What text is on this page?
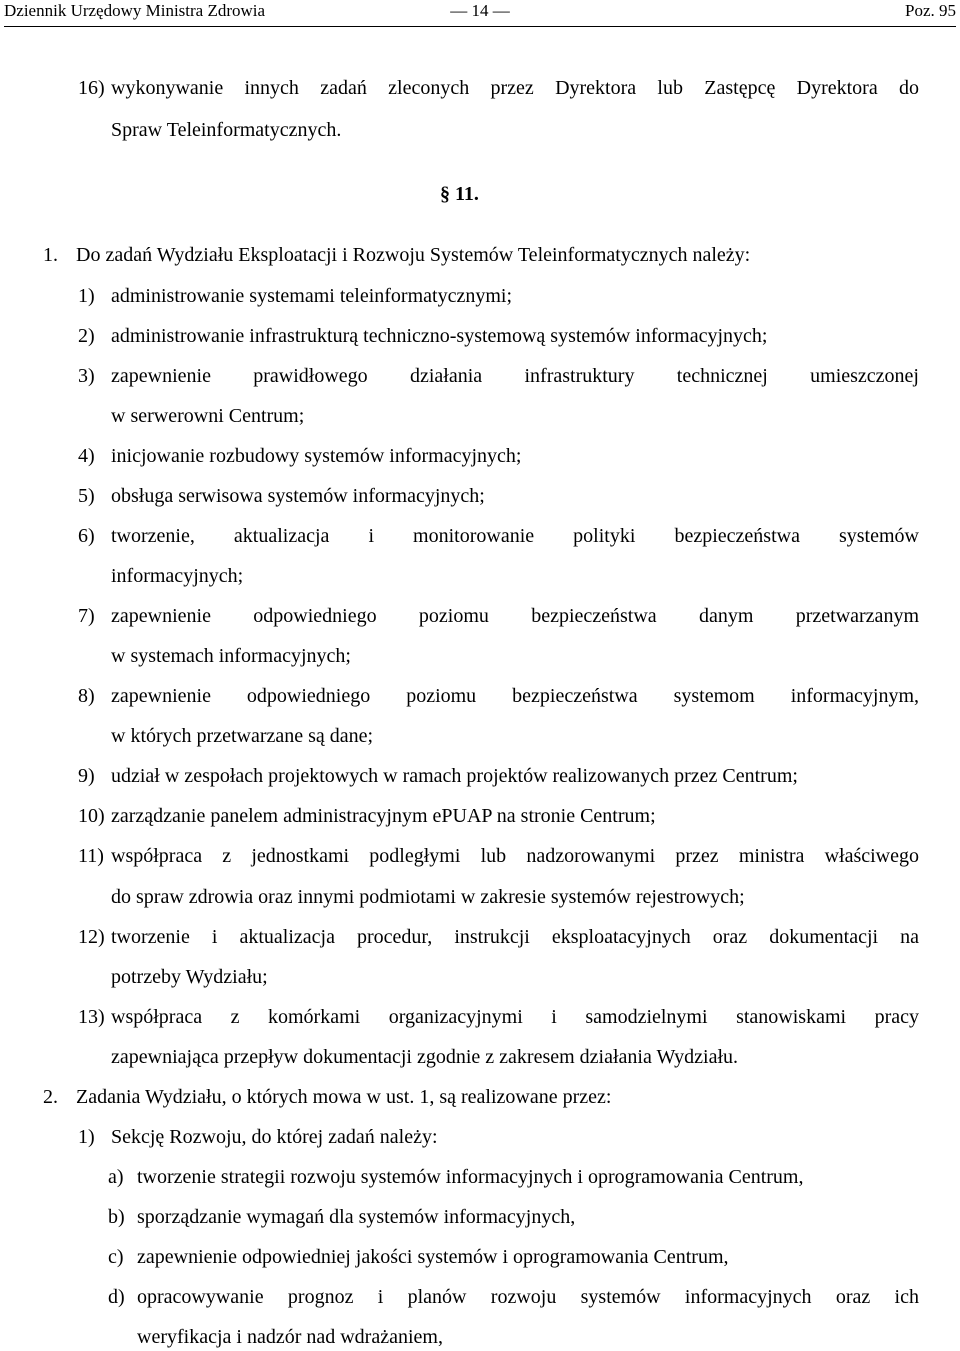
Dziennik Urzędowy Ministra Zdrowia	— 14 —	Poz. 95
16) wykonywanie innych zadań zleconych przez Dyrektora lub Zastępcę Dyrektora do
Spraw Teleinformatycznych.
§ 11.
1. Do zadań Wydziału Eksploatacji i Rozwoju Systemów Teleinformatycznych należy:
1) administrowanie systemami teleinformatycznymi;
2) administrowanie infrastrukturą techniczno-systemową systemów informacyjnych;
3) zapewnienie prawidłowego działania infrastruktury technicznej umieszczonej
w serwerowni Centrum;
4) inicjowanie rozbudowy systemów informacyjnych;
5) obsługa serwisowa systemów informacyjnych;
6) tworzenie, aktualizacja i monitorowanie polityki bezpieczeństwa systemów
informacyjnych;
7) zapewnienie odpowiedniego poziomu bezpieczeństwa danym przetwarzanym
w systemach informacyjnych;
8) zapewnienie odpowiedniego poziomu bezpieczeństwa systemom informacyjnym,
w których przetwarzane są dane;
9) udział w zespołach projektowych w ramach projektów realizowanych przez Centrum;
10) zarządzanie panelem administracyjnym ePUAP na stronie Centrum;
11) współpraca z jednostkami podległymi lub nadzorowanymi przez ministra właściwego
do spraw zdrowia oraz innymi podmiotami w zakresie systemów rejestrowych;
12) tworzenie i aktualizacja procedur, instrukcji eksploatacyjnych oraz dokumentacji na
potrzeby Wydziału;
13) współpraca z komórkami organizacyjnymi i samodzielnymi stanowiskami pracy
zapewniająca przepływ dokumentacji zgodnie z zakresem działania Wydziału.
2. Zadania Wydziału, o których mowa w ust. 1, są realizowane przez:
1) Sekcję Rozwoju, do której zadań należy:
a) tworzenie strategii rozwoju systemów informacyjnych i oprogramowania Centrum,
b) sporządzanie wymagań dla systemów informacyjnych,
c) zapewnienie odpowiedniej jakości systemów i oprogramowania Centrum,
d) opracowywanie prognoz i planów rozwoju systemów informacyjnych oraz ich
weryfikacja i nadzór nad wdrażaniem,
